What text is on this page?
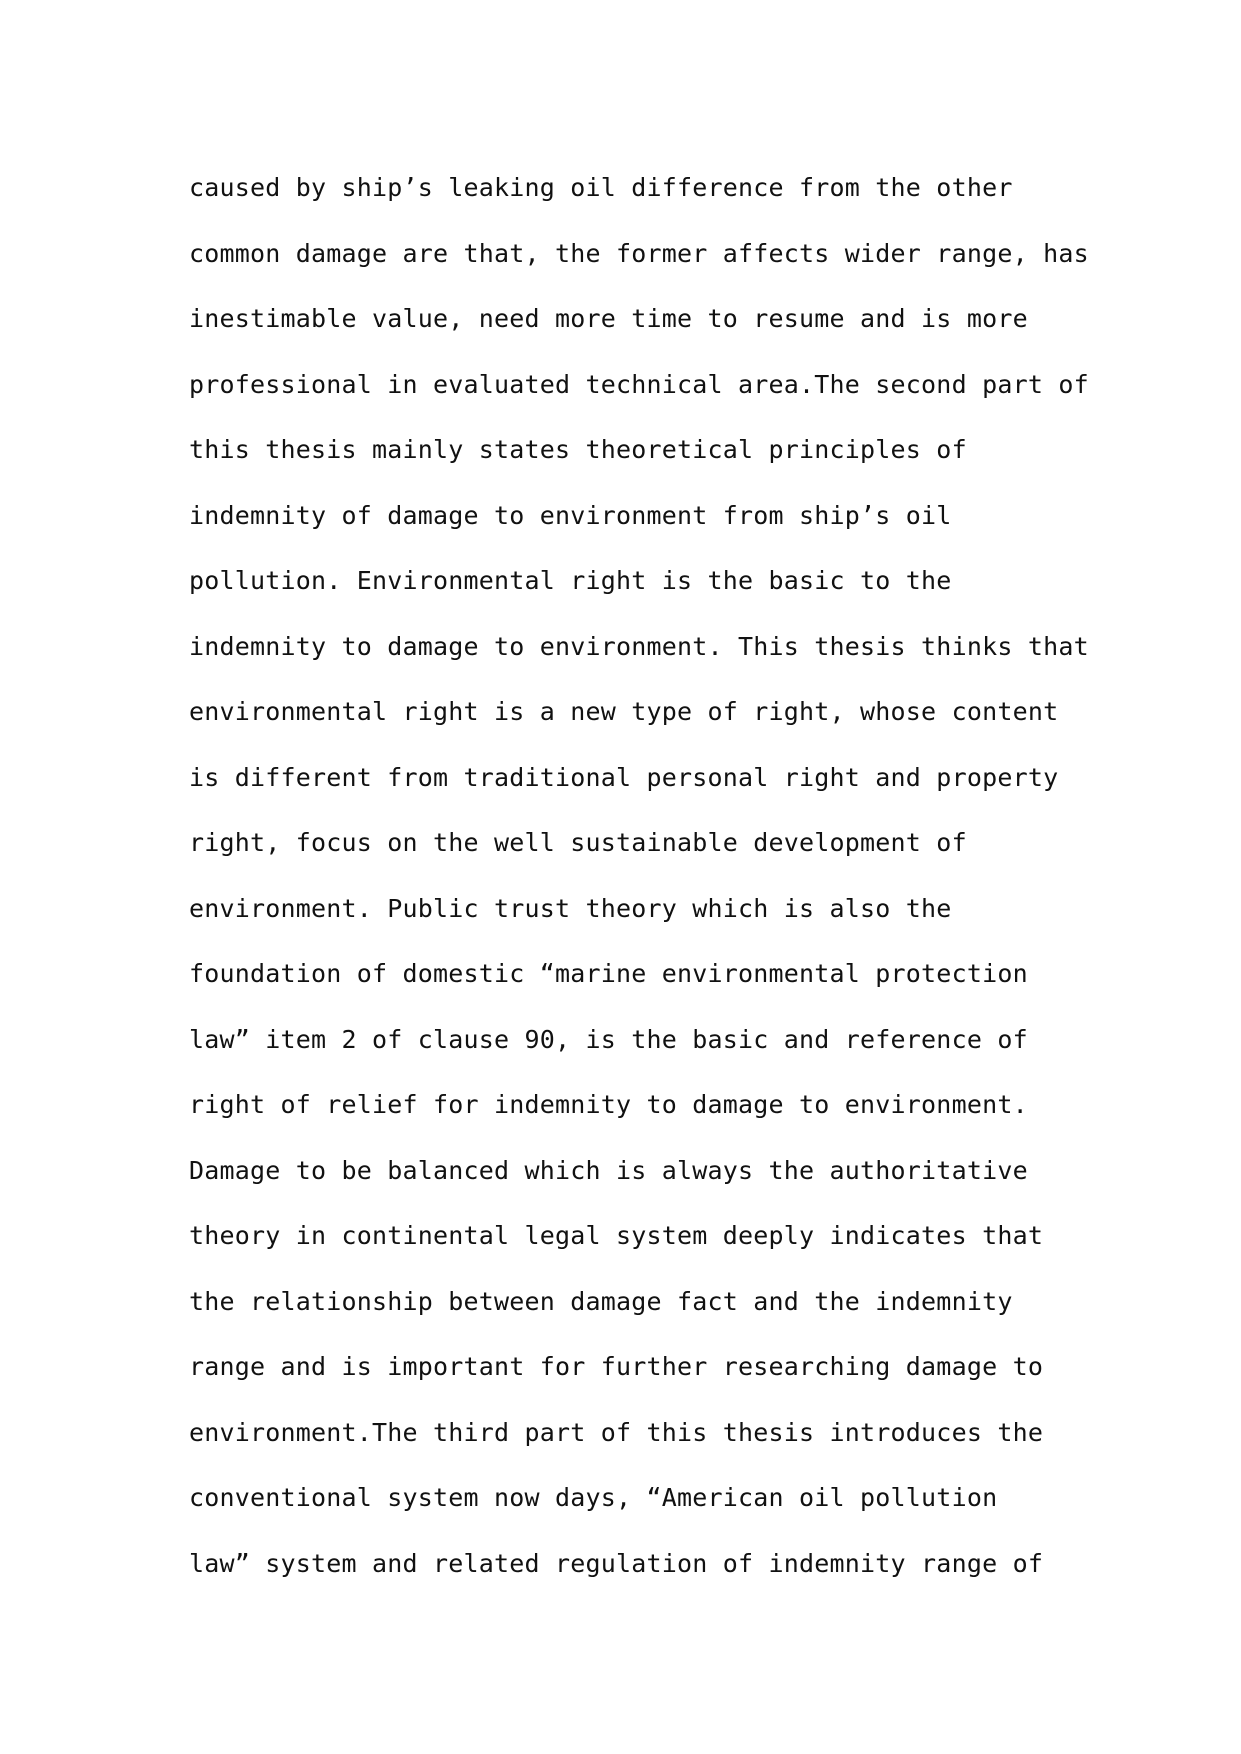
caused by ship’s leaking oil difference from the other
common damage are that, the former affects wider range, has
inestimable value, need more time to resume and is more
professional in evaluated technical area.The second part of
this thesis mainly states theoretical principles of
indemnity of damage to environment from ship’s oil
pollution. Environmental right is the basic to the
indemnity to damage to environment. This thesis thinks that
environmental right is a new type of right, whose content
is different from traditional personal right and property
right, focus on the well sustainable development of
environment. Public trust theory which is also the
foundation of domestic “marine environmental protection
law” item 2 of clause 90, is the basic and reference of
right of relief for indemnity to damage to environment.
Damage to be balanced which is always the authoritative
theory in continental legal system deeply indicates that
the relationship between damage fact and the indemnity
range and is important for further researching damage to
environment.The third part of this thesis introduces the
conventional system now days, “American oil pollution
law” system and related regulation of indemnity range of
